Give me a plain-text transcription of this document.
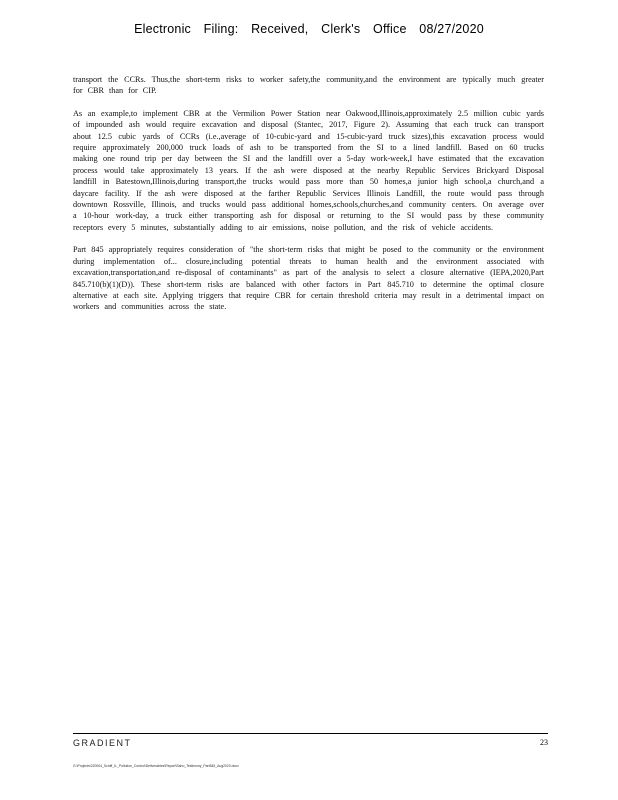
Electronic Filing: Received, Clerk's Office 08/27/2020

transport the CCRs. Thus,the short-term risks to worker safety,the community,and the environment are typically much greater for CBR than for CIP.

As an example,to implement CBR at the Vermilion Power Station near Oakwood,Illinois,approximately 2.5 million cubic yards of impounded ash would require excavation and disposal (Stantec, 2017, Figure 2). Assuming that each truck can transport about 12.5 cubic yards of CCRs (i.e.,average of 10-cubic-yard and 15-cubic-yard truck sizes),this excavation process would require approximately 200,000 truck loads of ash to be transported from the SI to a lined landfill. Based on 60 trucks making one round trip per day between the SI and the landfill over a 5-day work-week,I have estimated that the excavation process would take approximately 13 years. If the ash were disposed at the nearby Republic Services Brickyard Disposal landfill in Batestown,Illinois,during transport,the trucks would pass more than 50 homes,a junior high school,a church,and a daycare facility. If the ash were disposed at the farther Republic Services Illinois Landfill, the route would pass through downtown Rossville, Illinois, and trucks would pass additional homes,schools,churches,and community centers. On average over a 10-hour work-day, a truck either transporting ash for disposal or returning to the SI would pass by these community receptors every 5 minutes, substantially adding to air emissions, noise pollution, and the risk of vehicle accidents.

Part 845 appropriately requires consideration of "the short-term risks that might be posed to the community or the environment during implementation of... closure,including potential threats to human health and the environment associated with excavation,transportation,and re-disposal of contaminants" as part of the analysis to select a closure alternative (IEPA,2020,Part 845.710(b)(1)(D)). These short-term risks are balanced with other factors in Part 845.710 to determine the optimal closure alternative at each site. Applying triggers that require CBR for certain threshold criteria may result in a detrimental impact on workers and communities across the state.

GRADIENT	23
G:\Projects\220004_Schiff_IL_Pollution_Control\Deliverables\Report\Sahu_Testimony_Part845_Aug2020.docx
